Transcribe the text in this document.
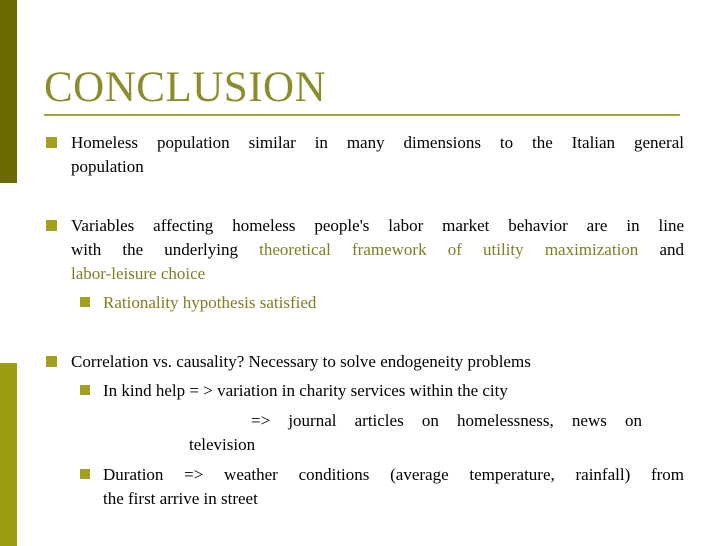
CONCLUSION
Homeless population similar in many dimensions to the Italian general
population
Variables affecting homeless people's labor market behavior are in line
with the underlying theoretical framework of utility maximization and
labor-leisure choice
Rationality hypothesis satisfied
Correlation vs. causality? Necessary to solve endogeneity problems
In kind help = > variation in charity services within the city
=> journal articles on homelessness, news on
television
Duration => weather conditions (average temperature, rainfall) from
the first arrive in street
